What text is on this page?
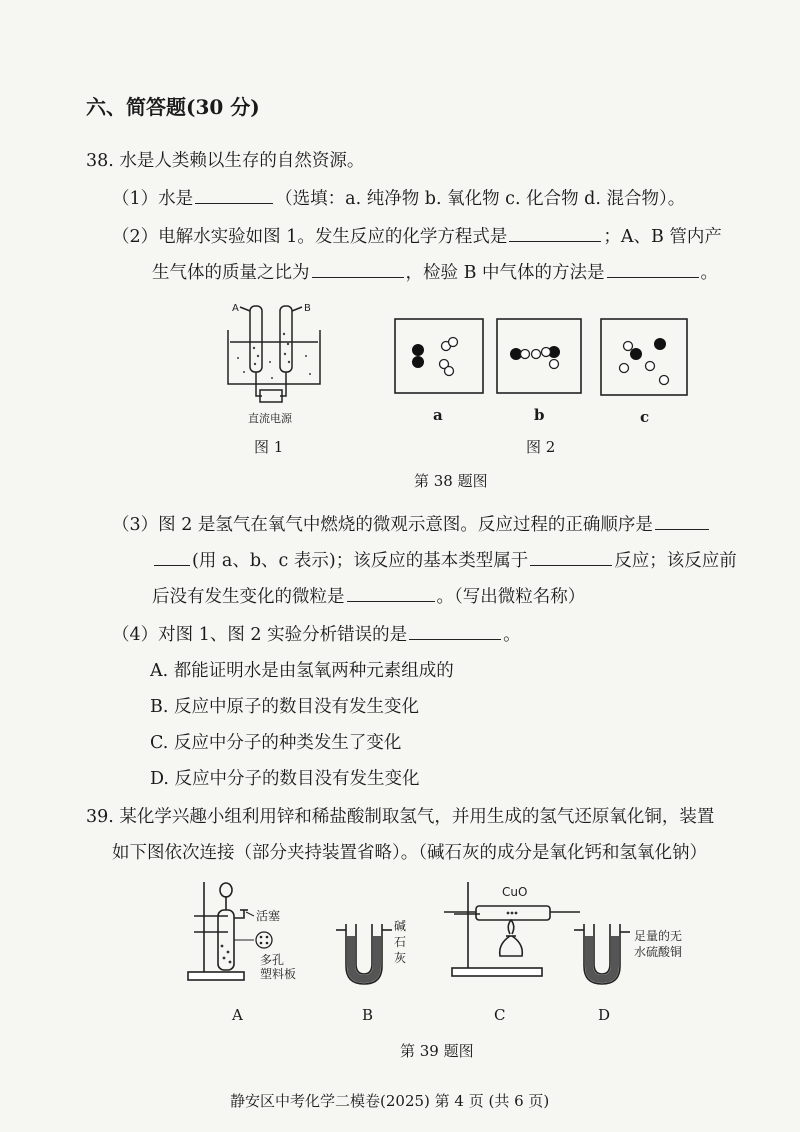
六、简答题(30 分)
38. 水是人类赖以生存的自然资源。
（1）水是	（选填：a. 纯净物 b. 氧化物 c. 化合物 d. 混合物）。
（2）电解水实验如图 1。发生反应的化学方程式是	；A、B 管内产
生气体的质量之比为	，检验 B 中气体的方法是	。
A	B
直流电源
图 1
a	b	c
图 2
第 38 题图
（3）图 2 是氢气在氧气中燃烧的微观示意图。反应过程的正确顺序是
(用 a、b、c 表示)；该反应的基本类型属于	反应；该反应前
后没有发生变化的微粒是	。（写出微粒名称）
（4）对图 1、图 2 实验分析错误的是	。
A. 都能证明水是由氢氧两种元素组成的
B. 反应中原子的数目没有发生变化
C. 反应中分子的种类发生了变化
D. 反应中分子的数目没有发生变化
39. 某化学兴趣小组利用锌和稀盐酸制取氢气，并用生成的氢气还原氧化铜，装置
如下图依次连接（部分夹持装置省略）。（碱石灰的成分是氧化钙和氢氧化钠）
活塞
多孔
塑料板
碱
石
灰
CuO
足量的无
水硫酸铜
A	B	C	D
第 39 题图
静安区中考化学二模卷(2025) 第 4 页 (共 6 页)
